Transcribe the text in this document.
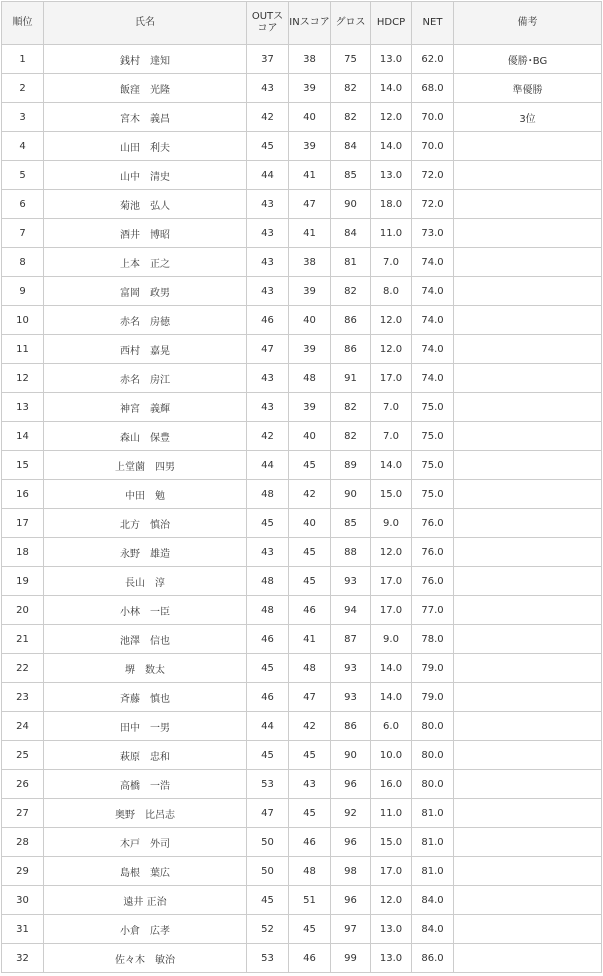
順位	氏名	OUTスコア	INスコア	グロス	HDCP	NET	備考
1	銭村　達知	37	38	75	13.0	62.0	優勝･BG
2	飯窪　光隆	43	39	82	14.0	68.0	準優勝
3	宮木　義昌	42	40	82	12.0	70.0	3位
4	山田　利夫	45	39	84	14.0	70.0	
5	山中　清史	44	41	85	13.0	72.0	
6	菊池　弘人	43	47	90	18.0	72.0	
7	酒井　博昭	43	41	84	11.0	73.0	
8	上本　正之	43	38	81	7.0	74.0	
9	富岡　政男	43	39	82	8.0	74.0	
10	赤名　房徳	46	40	86	12.0	74.0	
11	西村　嘉晃	47	39	86	12.0	74.0	
12	赤名　房江	43	48	91	17.0	74.0	
13	神宮　義輝	43	39	82	7.0	75.0	
14	森山　保豊	42	40	82	7.0	75.0	
15	上堂薗　四男	44	45	89	14.0	75.0	
16	中田　勉	48	42	90	15.0	75.0	
17	北方　慎治	45	40	85	9.0	76.0	
18	永野　雄造	43	45	88	12.0	76.0	
19	長山　淳	48	45	93	17.0	76.0	
20	小林　一臣	48	46	94	17.0	77.0	
21	池澤　信也	46	41	87	9.0	78.0	
22	堺　数太	45	48	93	14.0	79.0	
23	斉藤　慎也	46	47	93	14.0	79.0	
24	田中　一男	44	42	86	6.0	80.0	
25	萩原　忠和	45	45	90	10.0	80.0	
26	高橋　一浩	53	43	96	16.0	80.0	
27	奥野　比呂志	47	45	92	11.0	81.0	
28	木戸　外司	50	46	96	15.0	81.0	
29	島根　葉広	50	48	98	17.0	81.0	
30	遠井 正治	45	51	96	12.0	84.0	
31	小倉　広孝	52	45	97	13.0	84.0	
32	佐々木　敏治	53	46	99	13.0	86.0	
